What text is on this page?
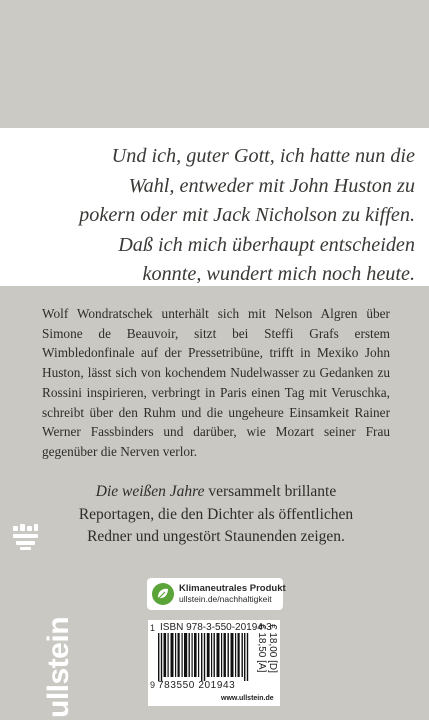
Und ich, guter Gott, ich hatte nun die
Wahl, entweder mit John Huston zu
pokern oder mit Jack Nicholson zu kiffen.
Daß ich mich überhaupt entscheiden
konnte, wundert mich noch heute.

Wolf Wondratschek unterhält sich mit Nelson Algren über Simone de Beauvoir, sitzt bei Steffi Grafs erstem Wimbledonfinale auf der Pressetribüne, trifft in Mexiko John Huston, lässt sich von kochendem Nudelwasser zu Gedanken zu Rossini inspirieren, verbringt in Paris einen Tag mit Veruschka, schreibt über den Ruhm und die ungeheure Einsamkeit Rainer Werner Fassbinders und darüber, wie Mozart seiner Frau gegenüber die Nerven verlor.

Die weißen Jahre versammelt brillante
Reportagen, die den Dichter als öffentlichen
Redner und ungestört Staunenden zeigen.

ullstein
Klimaneutrales Produkt
ullstein.de/nachhaltigkeit
1 ISBN 978-3-550-20194-3
9 783550 201943
www.ullstein.de
€ 18,00 [D]
€ 18,50 [A]
